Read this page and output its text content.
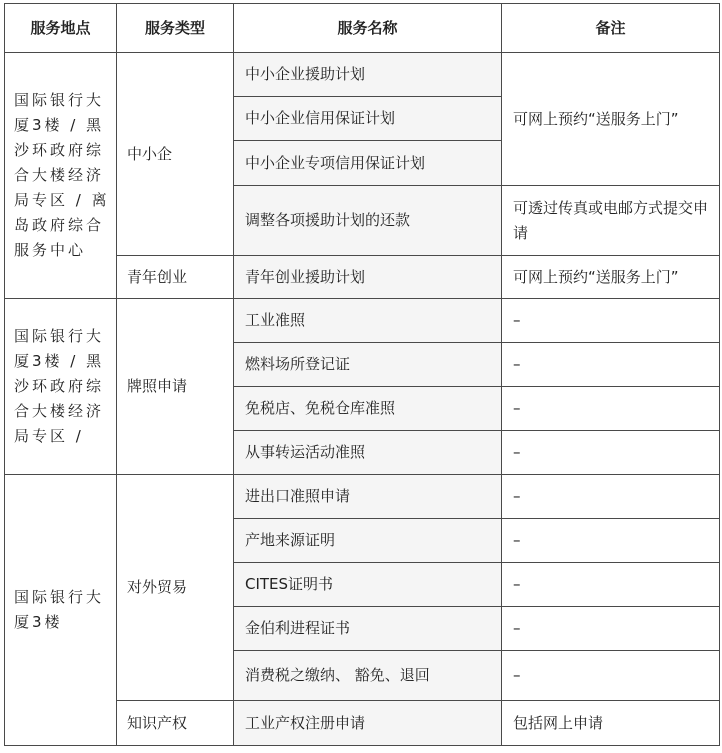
服务地点	服务类型	服务名称	备注
国际银行大厦3楼 / 黑沙环政府综合大楼经济局专区 / 离岛政府综合服务中心	中小企	中小企业援助计划	可网上预约“送服务上门”
		中小企业信用保证计划	
		中小企业专项信用保证计划	
		调整各项援助计划的还款	可透过传真或电邮方式提交申请
	青年创业	青年创业援助计划	可网上预约“送服务上门”
国际银行大厦3楼 / 黑沙环政府综合大楼经济局专区 /	牌照申请	工业准照	–
		燃料场所登记证	–
		免税店、免税仓库准照	–
		从事转运活动准照	–
国际银行大厦3楼	对外贸易	进出口准照申请	–
		产地来源证明	–
		CITES证明书	–
		金伯利进程证书	–
		消费税之缴纳、 豁免、退回	–
	知识产权	工业产权注册申请	包括网上申请
